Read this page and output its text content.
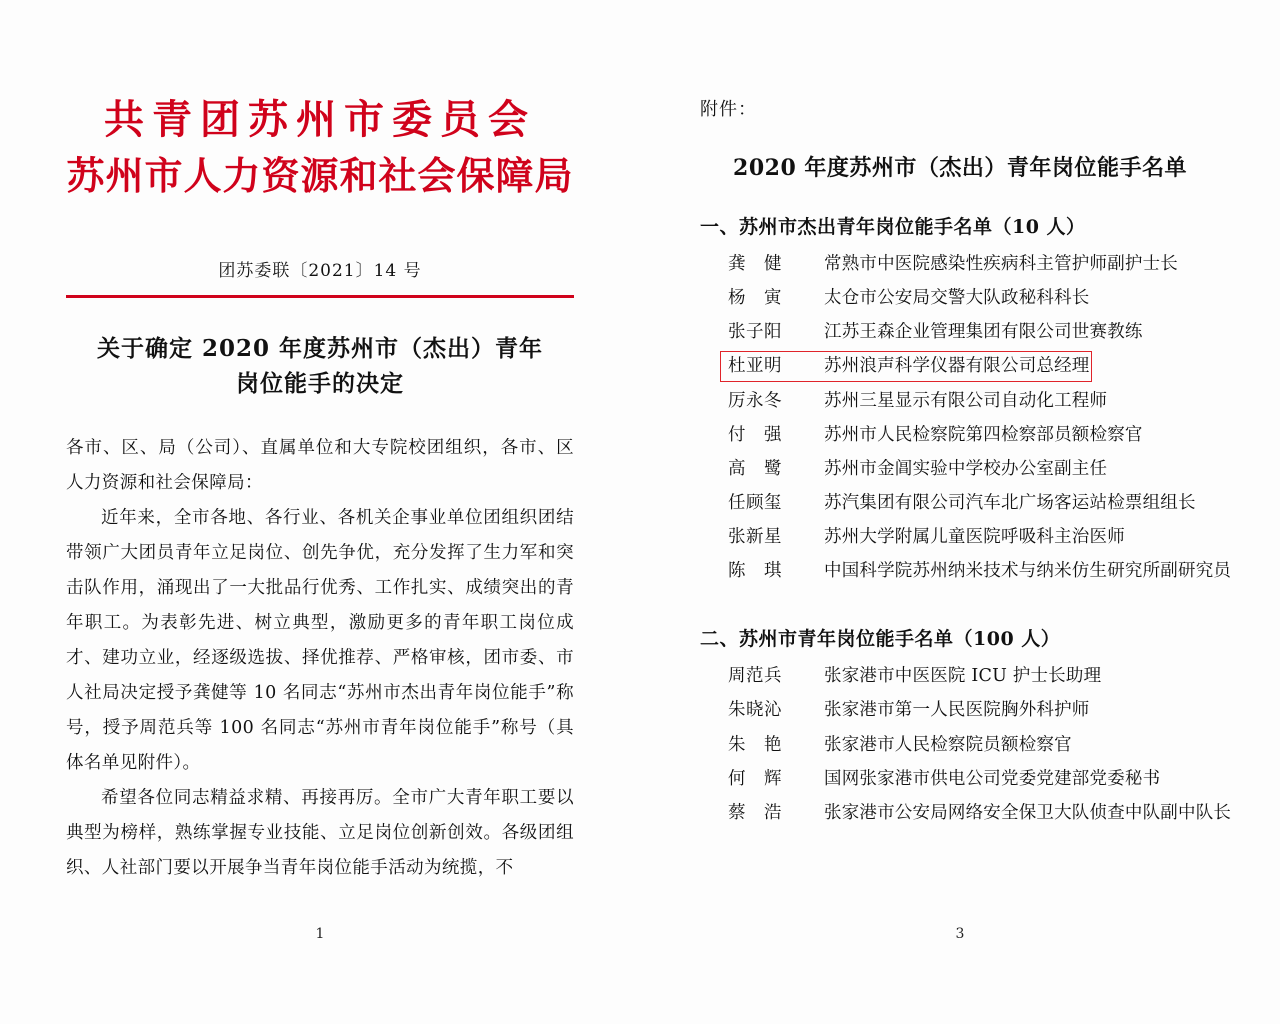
共青团苏州市委员会
苏州市人力资源和社会保障局
团苏委联〔2021〕14 号
关于确定 2020 年度苏州市（杰出）青年
岗位能手的决定

各市、区、局（公司）、直属单位和大专院校团组织，各市、区人力资源和社会保障局：

近年来，全市各地、各行业、各机关企事业单位团组织团结带领广大团员青年立足岗位、创先争优，充分发挥了生力军和突击队作用，涌现出了一大批品行优秀、工作扎实、成绩突出的青年职工。为表彰先进、树立典型，激励更多的青年职工岗位成才、建功立业，经逐级选拔、择优推荐、严格审核，团市委、市人社局决定授予龚健等 10 名同志“苏州市杰出青年岗位能手”称号，授予周范兵等 100 名同志“苏州市青年岗位能手”称号（具体名单见附件）。

希望各位同志精益求精、再接再厉。全市广大青年职工要以典型为榜样，熟练掌握专业技能、立足岗位创新创效。各级团组织、人社部门要以开展争当青年岗位能手活动为统揽，不

1
附件：
2020 年度苏州市（杰出）青年岗位能手名单
一、苏州市杰出青年岗位能手名单（10 人）
龚　健	常熟市中医院感染性疾病科主管护师副护士长
杨　寅	太仓市公安局交警大队政秘科科长
张子阳	江苏王森企业管理集团有限公司世赛教练
杜亚明	苏州浪声科学仪器有限公司总经理
厉永冬	苏州三星显示有限公司自动化工程师
付　强	苏州市人民检察院第四检察部员额检察官
高　鹭	苏州市金阊实验中学校办公室副主任
任顾玺	苏汽集团有限公司汽车北广场客运站检票组组长
张新星	苏州大学附属儿童医院呼吸科主治医师
陈　琪	中国科学院苏州纳米技术与纳米仿生研究所副研究员
二、苏州市青年岗位能手名单（100 人）
周范兵	张家港市中医医院 ICU 护士长助理
朱晓沁	张家港市第一人民医院胸外科护师
朱　艳	张家港市人民检察院员额检察官
何　辉	国网张家港市供电公司党委党建部党委秘书
蔡　浩	张家港市公安局网络安全保卫大队侦查中队副中队长
3
